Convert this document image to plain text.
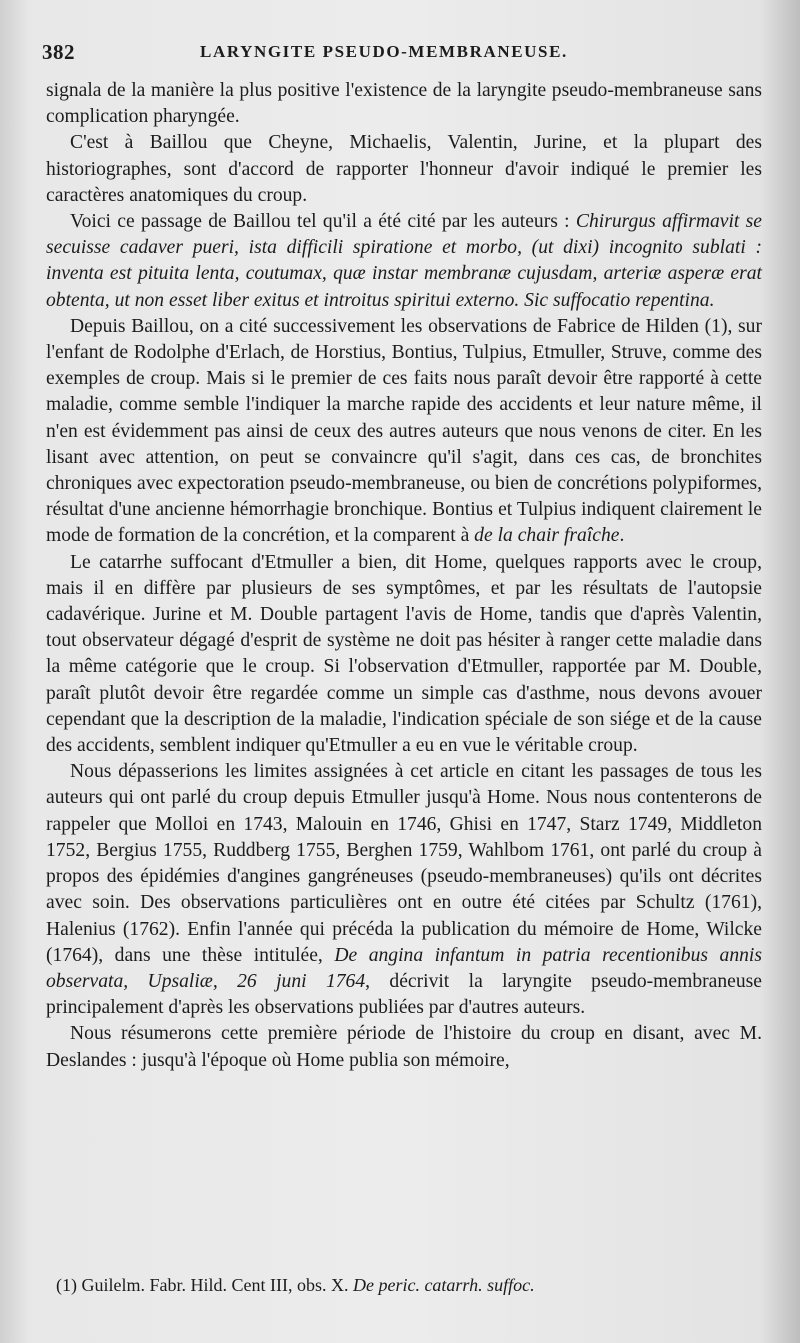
382	LARYNGITE PSEUDO-MEMBRANEUSE.

signala de la manière la plus positive l'existence de la laryngite pseudo-membraneuse sans complication pharyngée.

C'est à Baillou que Cheyne, Michaelis, Valentin, Jurine, et la plupart des historiographes, sont d'accord de rapporter l'honneur d'avoir indiqué le premier les caractères anatomiques du croup.

Voici ce passage de Baillou tel qu'il a été cité par les auteurs : Chirurgus affirmavit se secuisse cadaver pueri, ista difficili spiratione et morbo, (ut dixi) incognito sublati : inventa est pituita lenta, coutumax, quæ instar membranæ cujusdam, arteriæ asperæ erat obtenta, ut non esset liber exitus et introitus spiritui externo. Sic suffocatio repentina.

Depuis Baillou, on a cité successivement les observations de Fabrice de Hilden (1), sur l'enfant de Rodolphe d'Erlach, de Horstius, Bontius, Tulpius, Etmuller, Struve, comme des exemples de croup. Mais si le premier de ces faits nous paraît devoir être rapporté à cette maladie, comme semble l'indiquer la marche rapide des accidents et leur nature même, il n'en est évidemment pas ainsi de ceux des autres auteurs que nous venons de citer. En les lisant avec attention, on peut se convaincre qu'il s'agit, dans ces cas, de bronchites chroniques avec expectoration pseudo-membraneuse, ou bien de concrétions polypiformes, résultat d'une ancienne hémorrhagie bronchique. Bontius et Tulpius indiquent clairement le mode de formation de la concrétion, et la comparent à de la chair fraîche.

Le catarrhe suffocant d'Etmuller a bien, dit Home, quelques rapports avec le croup, mais il en diffère par plusieurs de ses symptômes, et par les résultats de l'autopsie cadavérique. Jurine et M. Double partagent l'avis de Home, tandis que d'après Valentin, tout observateur dégagé d'esprit de système ne doit pas hésiter à ranger cette maladie dans la même catégorie que le croup. Si l'observation d'Etmuller, rapportée par M. Double, paraît plutôt devoir être regardée comme un simple cas d'asthme, nous devons avouer cependant que la description de la maladie, l'indication spéciale de son siége et de la cause des accidents, semblent indiquer qu'Etmuller a eu en vue le véritable croup.

Nous dépasserions les limites assignées à cet article en citant les passages de tous les auteurs qui ont parlé du croup depuis Etmuller jusqu'à Home. Nous nous contenterons de rappeler que Molloi en 1743, Malouin en 1746, Ghisi en 1747, Starz 1749, Middleton 1752, Bergius 1755, Ruddberg 1755, Berghen 1759, Wahlbom 1761, ont parlé du croup à propos des épidémies d'angines gangréneuses (pseudo-membraneuses) qu'ils ont décrites avec soin. Des observations particulières ont en outre été citées par Schultz (1761), Halenius (1762). Enfin l'année qui précéda la publication du mémoire de Home, Wilcke (1764), dans une thèse intitulée, De angina infantum in patria recentionibus annis observata, Upsaliæ, 26 juni 1764, décrivit la laryngite pseudo-membraneuse principalement d'après les observations publiées par d'autres auteurs.

Nous résumerons cette première période de l'histoire du croup en disant, avec M. Deslandes : jusqu'à l'époque où Home publia son mémoire,

(1) Guilelm. Fabr. Hild. Cent III, obs. X. De peric. catarrh. suffoc.
